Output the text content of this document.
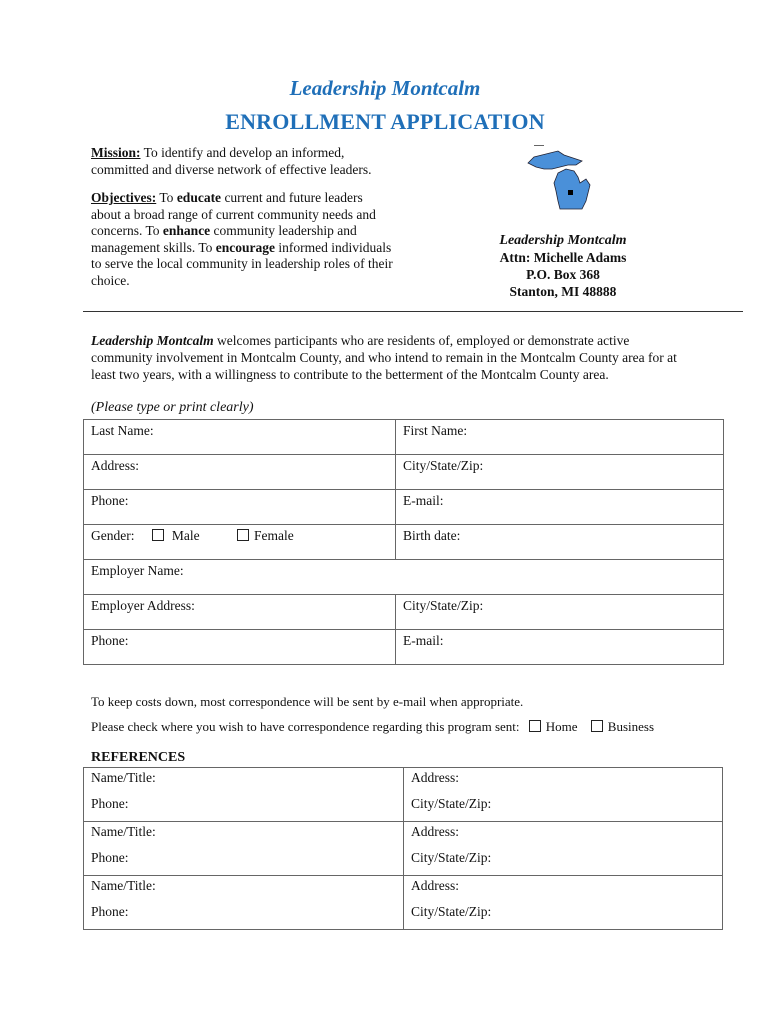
Leadership Montcalm
ENROLLMENT APPLICATION

Mission: To identify and develop an informed, committed and diverse network of effective leaders.

Objectives: To educate current and future leaders about a broad range of current community needs and concerns. To enhance community leadership and management skills. To encourage informed individuals to serve the local community in leadership roles of their choice.

Leadership Montcalm
Attn: Michelle Adams
P.O. Box 368
Stanton, MI 48888
Leadership Montcalm welcomes participants who are residents of, employed or demonstrate active community involvement in Montcalm County, and who intend to remain in the Montcalm County area for at least two years, with a willingness to contribute to the betterment of the Montcalm County area.
(Please type or print clearly)
Last Name:	First Name:
Address:	City/State/Zip:
Phone:	E-mail:
Gender: Male Female	Birth date:
Employer Name:	
Employer Address:	City/State/Zip:
Phone:	E-mail:
To keep costs down, most correspondence will be sent by e-mail when appropriate.
Please check where you wish to have correspondence regarding this program sent: Home Business
REFERENCES
Name/Title:	Address:
Phone:	City/State/Zip:
Name/Title:	Address:
Phone:	City/State/Zip:
Name/Title:	Address:
Phone:	City/State/Zip:
